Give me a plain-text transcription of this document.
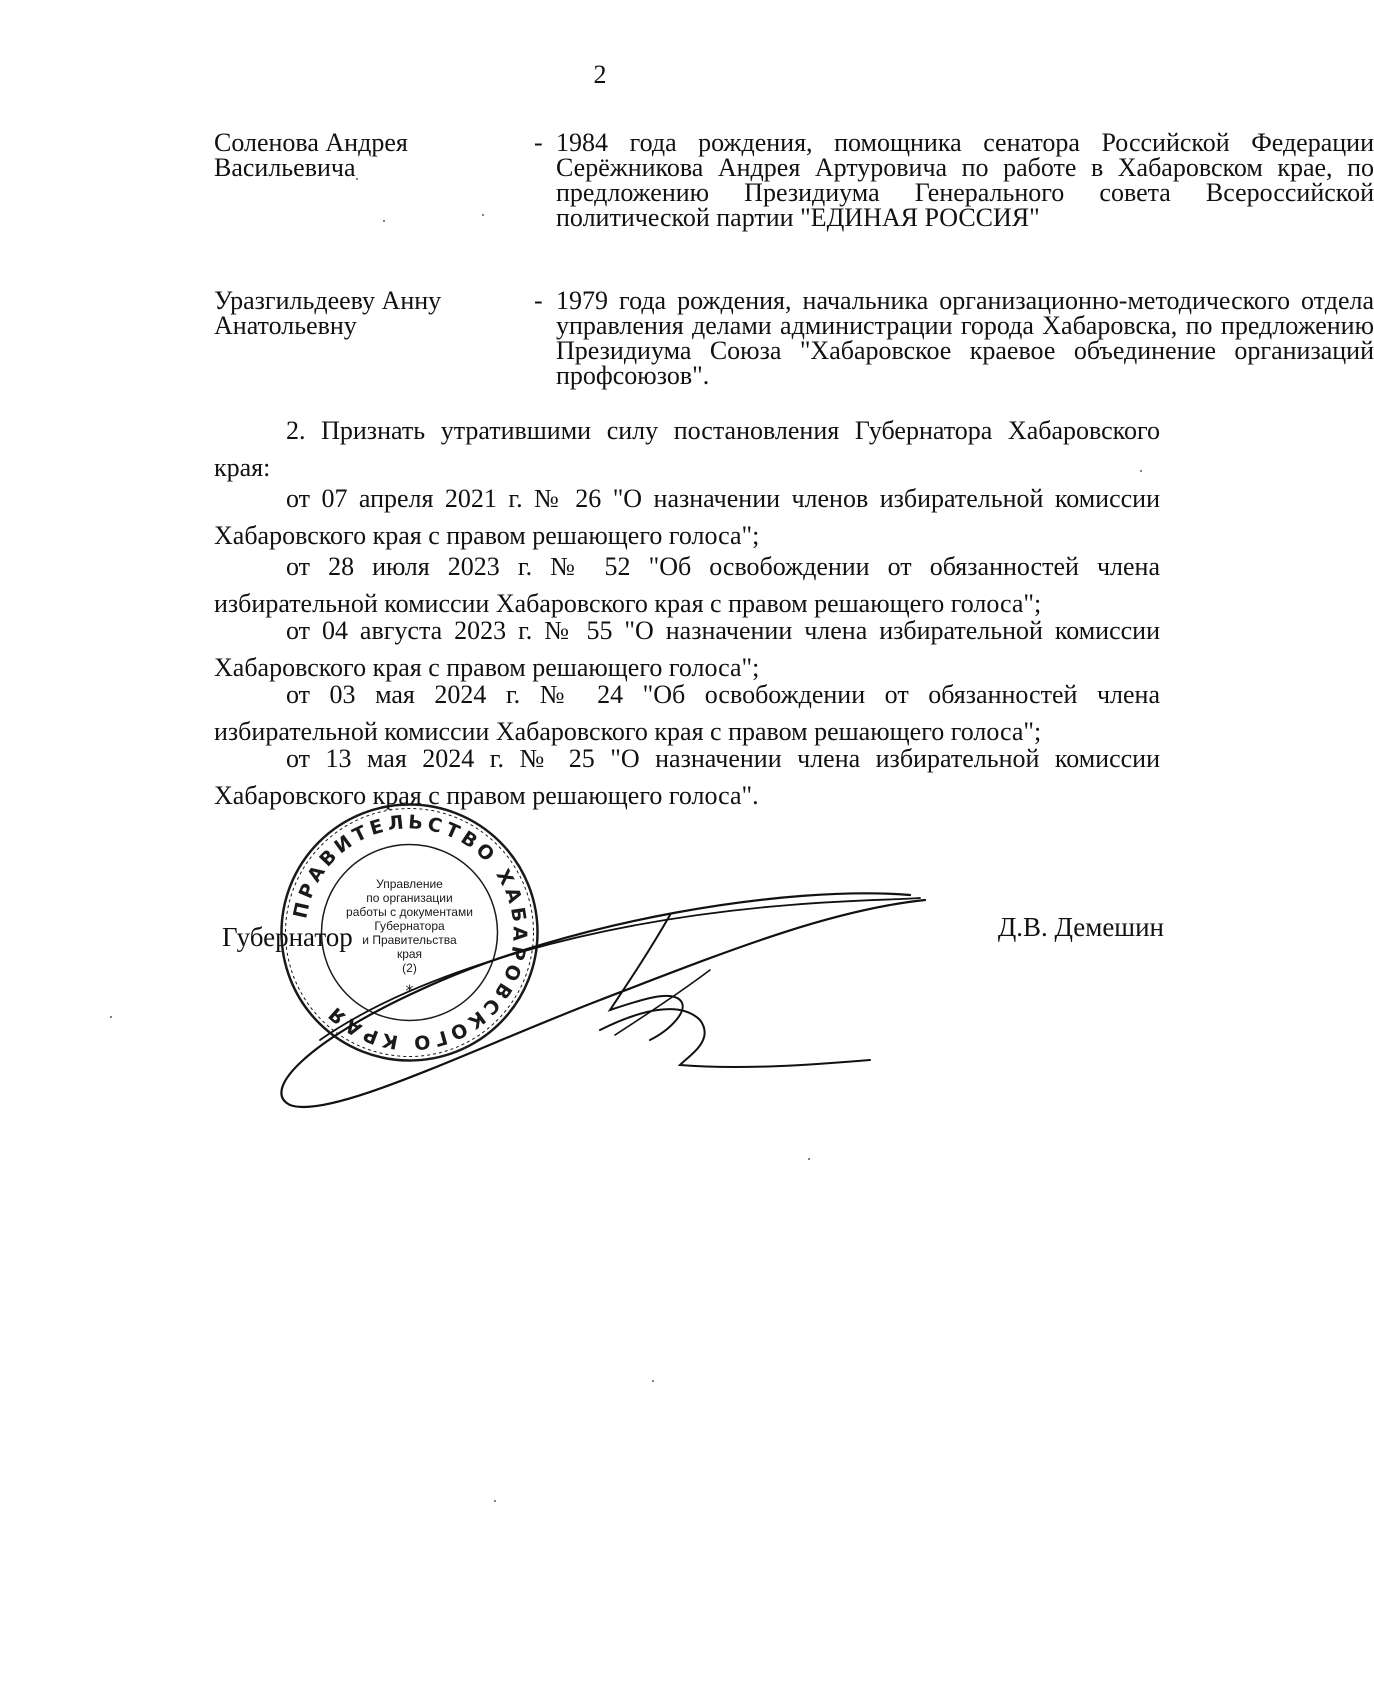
2
Соленова Андрея Васильевича
- 1984 года рождения, помощника сенатора Российской Федерации Серёжникова Андрея Артуровича по работе в Хабаровском крае, по предложению Президиума Генерального совета Всероссийской политической партии "ЕДИНАЯ РОССИЯ"
Уразгильдееву Анну Анатольевну
- 1979 года рождения, начальника организационно-методического отдела управления делами администрации города Хабаровска, по предложению Президиума Союза "Хабаровское краевое объединение организаций профсоюзов".

2. Признать утратившими силу постановления Губернатора Хабаровского края:

от 07 апреля 2021 г. № 26 "О назначении членов избирательной комиссии Хабаровского края с правом решающего голоса";

от 28 июля 2023 г. № 52 "Об освобождении от обязанностей члена избирательной комиссии Хабаровского края с правом решающего голоса";

от 04 августа 2023 г. № 55 "О назначении члена избирательной комиссии Хабаровского края с правом решающего голоса";

от 03 мая 2024 г. № 24 "Об освобождении от обязанностей члена избирательной комиссии Хабаровского края с правом решающего голоса";

от 13 мая 2024 г. № 25 "О назначении члена избирательной комиссии Хабаровского края с правом решающего голоса".

Губернатор	Д.В. Демешин
ПРАВИТЕЛЬСТВО ХАБАРОВСКОГО КРАЯ
*
Управление
по организации
работы с документами
Губернатора
и Правительства
края
(2)
